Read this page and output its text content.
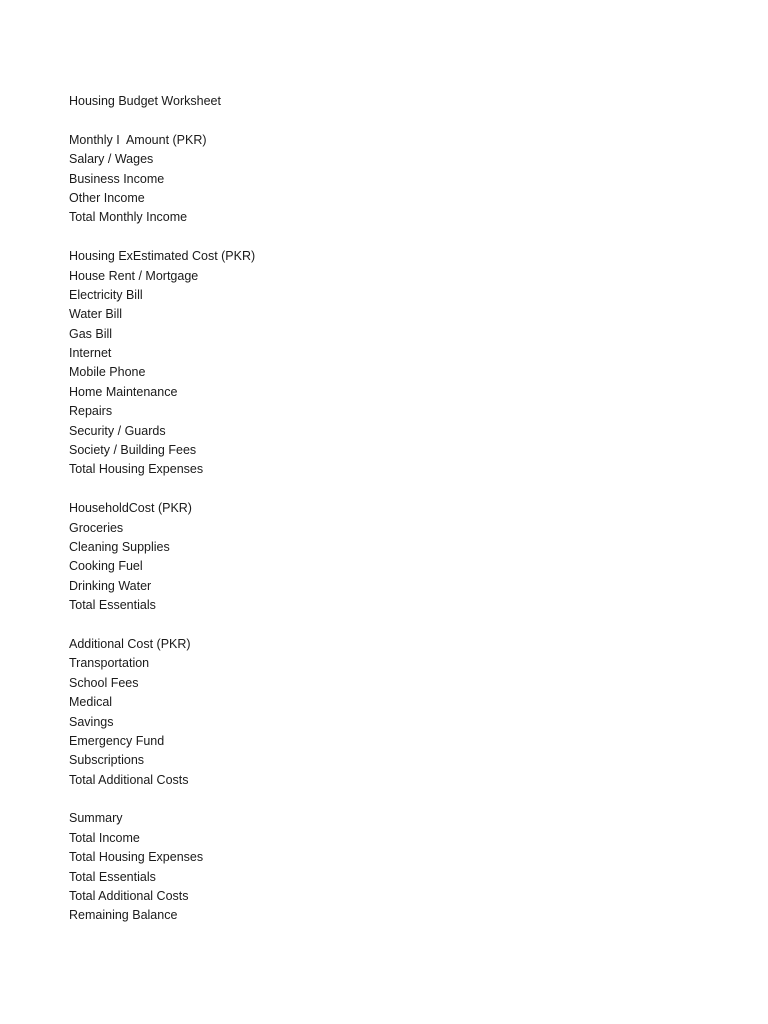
Housing Budget Worksheet
Monthly I  Amount (PKR)
Salary / Wages
Business Income
Other Income
Total Monthly Income
Housing ExEstimated Cost (PKR)
House Rent / Mortgage
Electricity Bill
Water Bill
Gas Bill
Internet
Mobile Phone
Home Maintenance
Repairs
Security / Guards
Society / Building Fees
Total Housing Expenses
HouseholdCost (PKR)
Groceries
Cleaning Supplies
Cooking Fuel
Drinking Water
Total Essentials
Additional Cost (PKR)
Transportation
School Fees
Medical
Savings
Emergency Fund
Subscriptions
Total Additional Costs
Summary
Total Income
Total Housing Expenses
Total Essentials
Total Additional Costs
Remaining Balance
